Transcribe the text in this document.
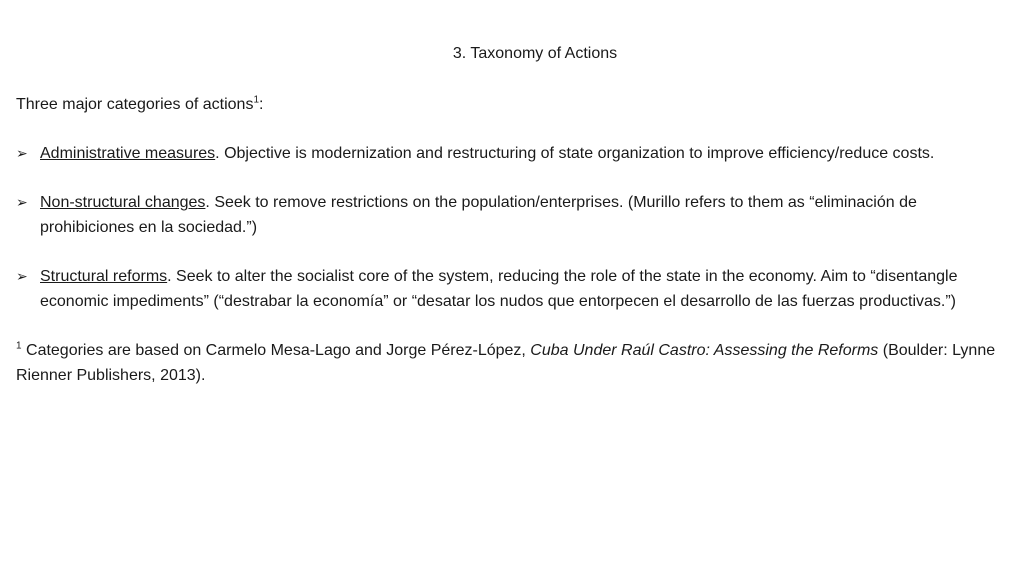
3. Taxonomy of Actions

Three major categories of actions$^1$:

➢ Administrative measures. Objective is modernization and restructuring of state organization to improve efficiency/reduce costs.
➢ Non-structural changes. Seek to remove restrictions on the population/enterprises. (Murillo refers to them as “eliminación de prohibiciones en la sociedad.”)
➢ Structural reforms. Seek to alter the socialist core of the system, reducing the role of the state in the economy. Aim to “disentangle economic impediments” (“destrabar la economía” or “desatar los nudos que entorpecen el desarrollo de las fuerzas productivas.”)

$^1$ Categories are based on Carmelo Mesa-Lago and Jorge Pérez-López, Cuba Under Raúl Castro: Assessing the Reforms (Boulder: Lynne Rienner Publishers, 2013).
